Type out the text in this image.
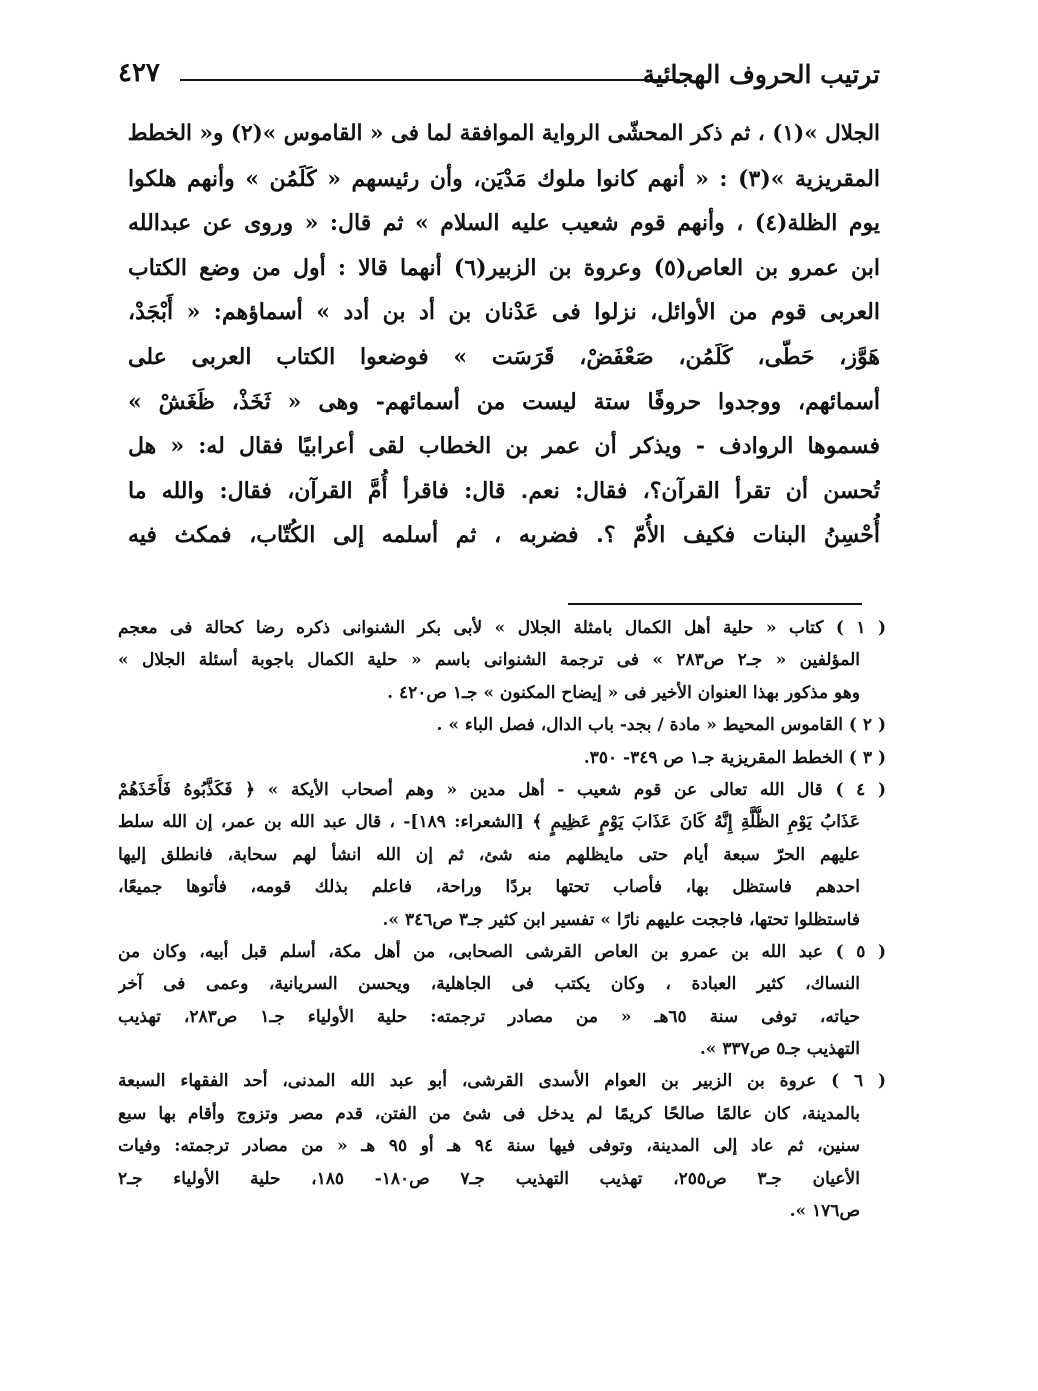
ترتيب الحروف الهجائية
٤٢٧
الجلال »(١) ، ثم ذكر المحشّى الرواية الموافقة لما فى « القاموس »(٢) و« الخطط
المقريزية »(٣) : « أنهم كانوا ملوك مَدْيَن، وأن رئيسهم « كَلَمُن » وأنهم هلكوا
يوم الظلة(٤) ، وأنهم قوم شعيب عليه السلام » ثم قال: « وروى عن عبدالله
ابن عمرو بن العاص(٥) وعروة بن الزبير(٦) أنهما قالا : أول من وضع الكتاب
العربى قوم من الأوائل، نزلوا فى عَدْنان بن أد بن أدد » أسماؤهم: « أَبْجَدْ،
هَوَّز، حَطّى، كَلَمُن، صَعْفَضْ، قَرَسَت » فوضعوا الكتاب العربى على
أسمائهم، ووجدوا حروفًا ستة ليست من أسمائهم- وهى « ثَخَذْ، ظَغَشْ »
فسموها الروادف - ويذكر أن عمر بن الخطاب لقى أعرابيًا فقال له: « هل
تُحسن أن تقرأ القرآن؟، فقال: نعم. قال: فاقرأ أُمَّ القرآن، فقال: والله ما
أُحْسِنُ البنات فكيف الأُمّ ؟. فضربه ، ثم أسلمه إلى الكُتّاب، فمكث فيه
( ١ ) كتاب « حلية أهل الكمال بامثلة الجلال » لأبى بكر الشنوانى ذكره رضا كحالة فى معجم
المؤلفين « جـ٢ ص٢٨٣ » فى ترجمة الشنوانى باسم « حلية الكمال باجوبة أسئلة الجلال »
وهو مذكور بهذا العنوان الأخير فى « إيضاح المكنون » جـ١ ص٤٢٠ .
( ٢ ) القاموس المحيط « مادة / بجد- باب الدال، فصل الباء » .
( ٣ ) الخطط المقريزية جـ١ ص ٣٤٩- ٣٥٠.
( ٤ ) قال الله تعالى عن قوم شعيب - أهل مدين « وهم أصحاب الأيكة » ﴿ فَكَذَّبُوهُ فَأَخَذَهُمْ
عَذَابُ يَوْمِ الظُّلَّةِ إِنَّهُ كَانَ عَذَابَ يَوْمٍ عَظِيمٍ ﴾ [الشعراء: ١٨٩]- ، قال عبد الله بن عمر، إن الله سلط
عليهم الحرّ سبعة أيام حتى مايظلهم منه شئ، ثم إن الله انشأ لهم سحابة، فانطلق إليها
احدهم فاستظل بها، فأصاب تحتها بردًا وراحة، فاعلم بذلك قومه، فأتوها جميعًا،
فاستظلوا تحتها، فاججت عليهم نارًا » تفسير ابن كثير جـ٣ ص٣٤٦ ».
( ٥ ) عبد الله بن عمرو بن العاص القرشى الصحابى، من أهل مكة، أسلم قبل أبيه، وكان من
النساك، كثير العبادة ، وكان يكتب فى الجاهلية، ويحسن السريانية، وعمى فى آخر
حياته، توفى سنة ٦٥هـ « من مصادر ترجمته: حلية الأولياء جـ١ ص٢٨٣، تهذيب
التهذيب جـ٥ ص٣٣٧ ».
( ٦ ) عروة بن الزبير بن العوام الأسدى القرشى، أبو عبد الله المدنى، أحد الفقهاء السبعة
بالمدينة، كان عالمًا صالحًا كريمًا لم يدخل فى شئ من الفتن، قدم مصر وتزوج وأقام بها سبع
سنين، ثم عاد إلى المدينة، وتوفى فيها سنة ٩٤ هـ أو ٩٥ هـ « من مصادر ترجمته: وفيات
الأعيان جـ٣ ص٢٥٥، تهذيب التهذيب جـ٧ ص١٨٠- ١٨٥، حلية الأولياء جـ٢
ص١٧٦ ».
